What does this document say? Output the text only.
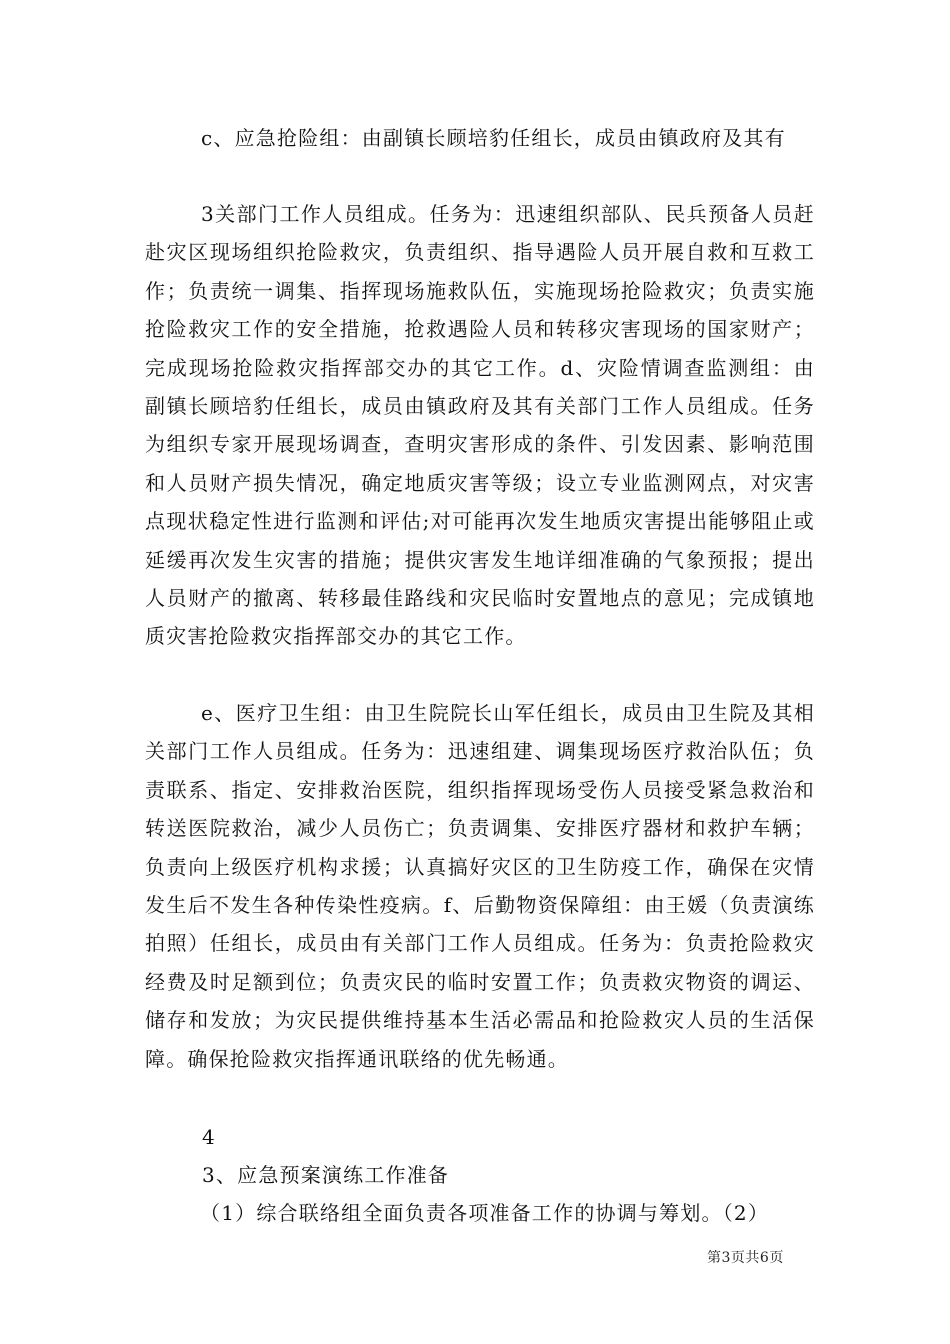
c、应急抢险组：由副镇长顾培豹任组长，成员由镇政府及其有

3关部门工作人员组成。任务为：迅速组织部队、民兵预备人员赶赴灾区现场组织抢险救灾，负责组织、指导遇险人员开展自救和互救工作；负责统一调集、指挥现场施救队伍，实施现场抢险救灾；负责实施抢险救灾工作的安全措施，抢救遇险人员和转移灾害现场的国家财产；完成现场抢险救灾指挥部交办的其它工作。d、灾险情调查监测组：由副镇长顾培豹任组长，成员由镇政府及其有关部门工作人员组成。任务为组织专家开展现场调查，查明灾害形成的条件、引发因素、影响范围和人员财产损失情况，确定地质灾害等级；设立专业监测网点，对灾害点现状稳定性进行监测和评估;对可能再次发生地质灾害提出能够阻止或延缓再次发生灾害的措施；提供灾害发生地详细准确的气象预报；提出人员财产的撤离、转移最佳路线和灾民临时安置地点的意见；完成镇地质灾害抢险救灾指挥部交办的其它工作。

e、医疗卫生组：由卫生院院长山军任组长，成员由卫生院及其相关部门工作人员组成。任务为：迅速组建、调集现场医疗救治队伍；负责联系、指定、安排救治医院，组织指挥现场受伤人员接受紧急救治和转送医院救治，减少人员伤亡；负责调集、安排医疗器材和救护车辆；负责向上级医疗机构求援；认真搞好灾区的卫生防疫工作，确保在灾情发生后不发生各种传染性疫病。f、后勤物资保障组：由王媛（负责演练拍照）任组长，成员由有关部门工作人员组成。任务为：负责抢险救灾经费及时足额到位；负责灾民的临时安置工作；负责救灾物资的调运、储存和发放；为灾民提供维持基本生活必需品和抢险救灾人员的生活保障。确保抢险救灾指挥通讯联络的优先畅通。

4

3、应急预案演练工作准备

（1）综合联络组全面负责各项准备工作的协调与筹划。（2）

第3页共6页
